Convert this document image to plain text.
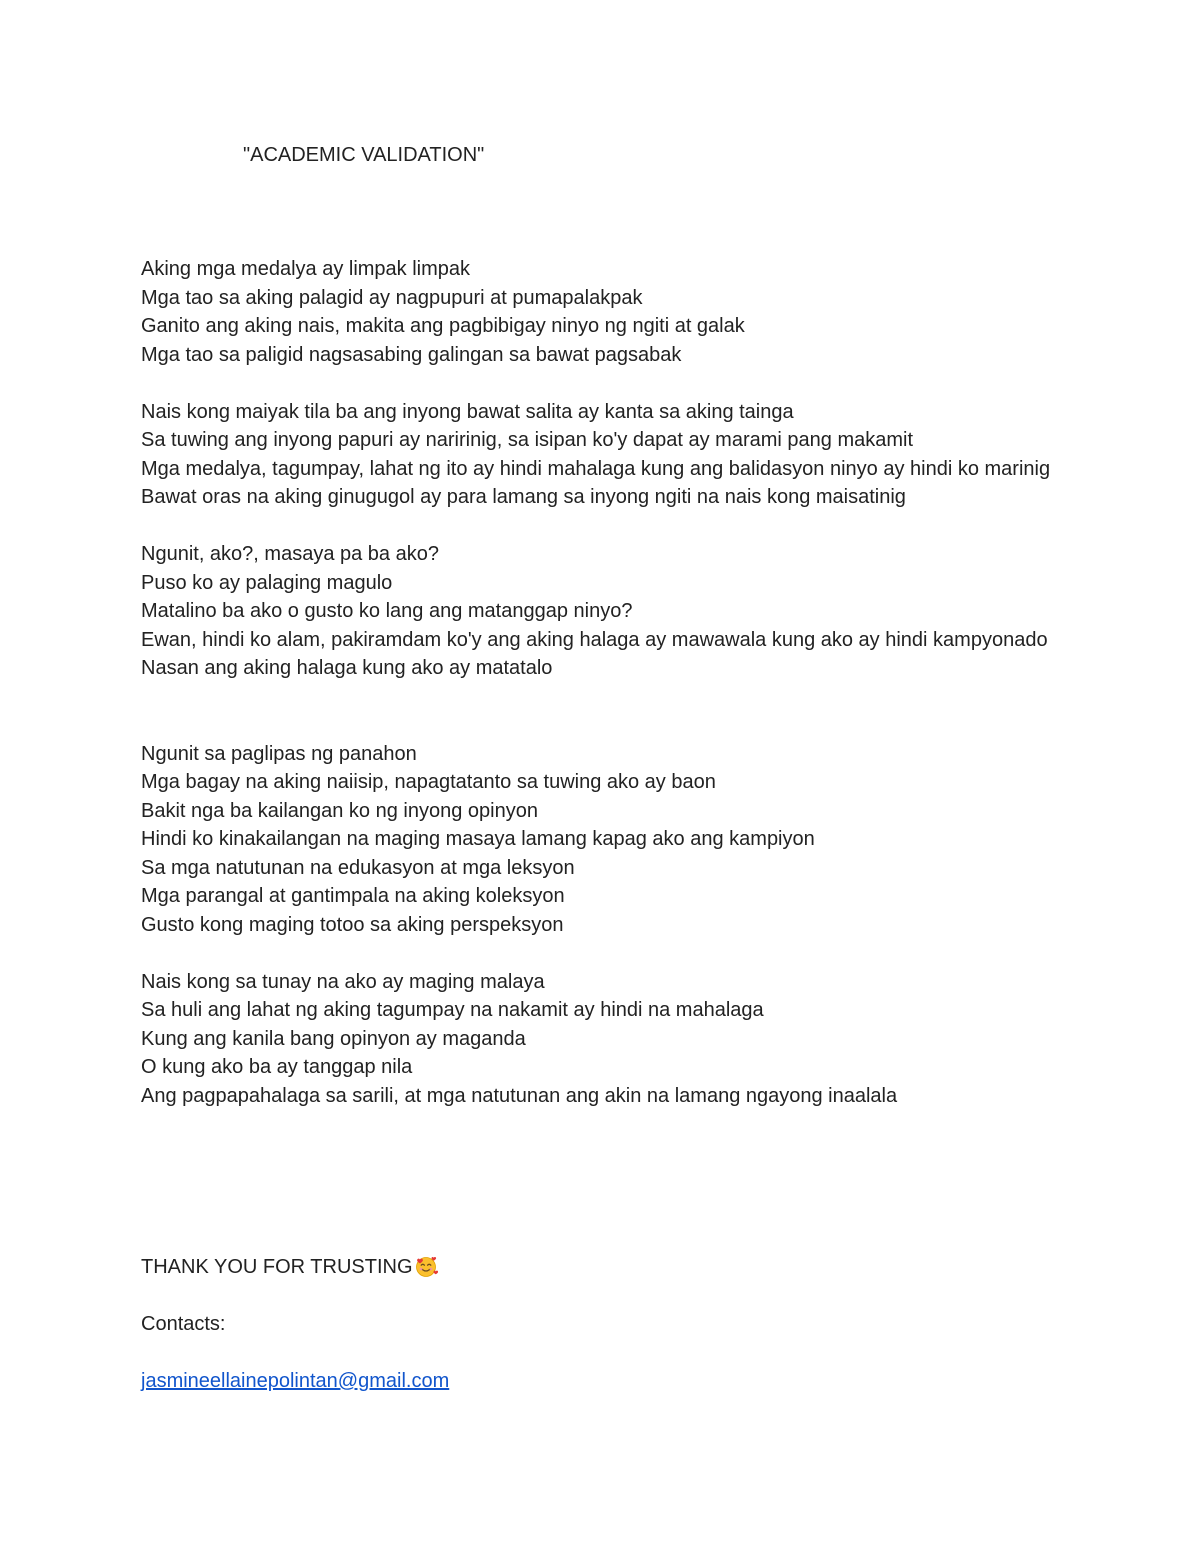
"ACADEMIC VALIDATION"
Aking mga medalya ay limpak limpak
Mga tao sa aking palagid ay nagpupuri at pumapalakpak
Ganito ang aking nais, makita ang pagbibigay ninyo ng ngiti at galak
Mga tao sa paligid nagsasabing galingan sa bawat pagsabak
Nais kong maiyak tila ba ang inyong bawat salita ay kanta sa aking tainga
Sa tuwing ang inyong papuri ay naririnig, sa isipan ko'y dapat ay marami pang makamit
Mga medalya, tagumpay, lahat ng ito ay hindi mahalaga kung ang balidasyon ninyo ay hindi ko marinig
Bawat oras na aking ginugugol ay para lamang sa inyong ngiti na nais kong maisatinig
Ngunit, ako?, masaya pa ba ako?
Puso ko ay palaging magulo
Matalino ba ako o gusto ko lang ang matanggap ninyo?
Ewan, hindi ko alam, pakiramdam ko'y ang aking halaga ay mawawala kung ako ay hindi kampyonado
Nasan ang aking halaga kung ako ay matatalo
Ngunit sa paglipas ng panahon
Mga bagay na aking naiisip, napagtatanto sa tuwing ako ay baon
Bakit nga ba kailangan ko ng inyong opinyon
Hindi ko kinakailangan na maging masaya lamang kapag ako ang kampiyon
Sa mga natutunan na edukasyon at mga leksyon
Mga parangal at gantimpala na aking koleksyon
Gusto kong maging totoo sa aking perspeksyon
Nais kong sa tunay na ako ay maging malaya
Sa huli ang lahat ng aking tagumpay na nakamit ay hindi na mahalaga
Kung ang kanila bang opinyon ay maganda
O kung ako ba ay tanggap nila
Ang pagpapahalaga sa sarili, at mga natutunan ang akin na lamang ngayong inaalala
THANK YOU FOR TRUSTING
Contacts:
jasmineellainepolintan@gmail.com
